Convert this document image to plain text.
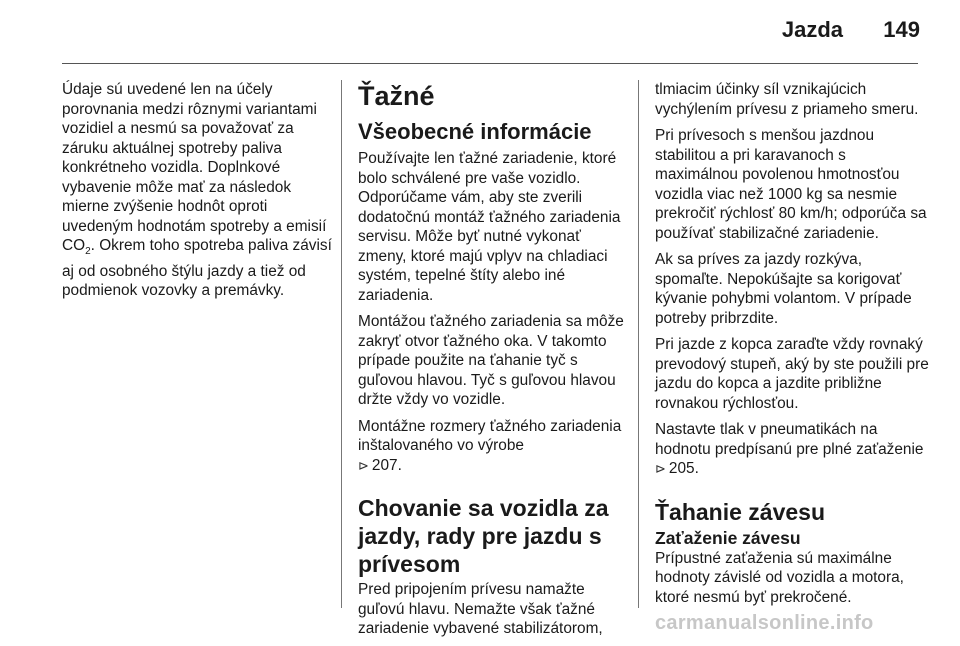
Jazda 149

Údaje sú uvedené len na účely porovnania medzi rôznymi variantami vozidiel a nesmú sa považovať za záruku aktuálnej spotreby paliva konkrétneho vozidla. Doplnkové vybavenie môže mať za následok mierne zvýšenie hodnôt oproti uvedeným hodnotám spotreby a emisií $CO_2$. Okrem toho spotreba paliva závisí aj od osobného štýlu jazdy a tiež od podmienok vozovky a premávky.

Ťažné
Všeobecné informácie

Používajte len ťažné zariadenie, ktoré bolo schválené pre vaše vozidlo. Odporúčame vám, aby ste zverili dodatočnú montáž ťažného zariadenia servisu. Môže byť nutné vykonať zmeny, ktoré majú vplyv na chladiaci systém, tepelné štíty alebo iné zariadenia.

Montážou ťažného zariadenia sa môže zakryť otvor ťažného oka. V takomto prípade použite na ťahanie tyč s guľovou hlavou. Tyč s guľovou hlavou držte vždy vo vozidle.

Montážne rozmery ťažného zariadenia inštalovaného vo výrobe
⊳ 207.

Chovanie sa vozidla za jazdy, rady pre jazdu s prívesom

Pred pripojením prívesu namažte guľovú hlavu. Nemažte však ťažné zariadenie vybavené stabilizátorom,

tlmiacim účinky síl vznikajúcich vychýlením prívesu z priameho smeru.

Pri prívesoch s menšou jazdnou stabilitou a pri karavanoch s maximálnou povolenou hmotnosťou vozidla viac než 1000 kg sa nesmie prekročiť rýchlosť 80 km/h; odporúča sa používať stabilizačné zariadenie.

Ak sa príves za jazdy rozkýva, spomaľte. Nepokúšajte sa korigovať kývanie pohybmi volantom. V prípade potreby pribrzdite.

Pri jazde z kopca zaraďte vždy rovnaký prevodový stupeň, aký by ste použili pre jazdu do kopca a jazdite približne rovnakou rýchlosťou.

Nastavte tlak v pneumatikách na hodnotu predpísanú pre plné zaťaženie ⊳ 205.

Ťahanie závesu
Zaťaženie závesu

Prípustné zaťaženia sú maximálne hodnoty závislé od vozidla a motora, ktoré nesmú byť prekročené.

carmanualsonline.info
